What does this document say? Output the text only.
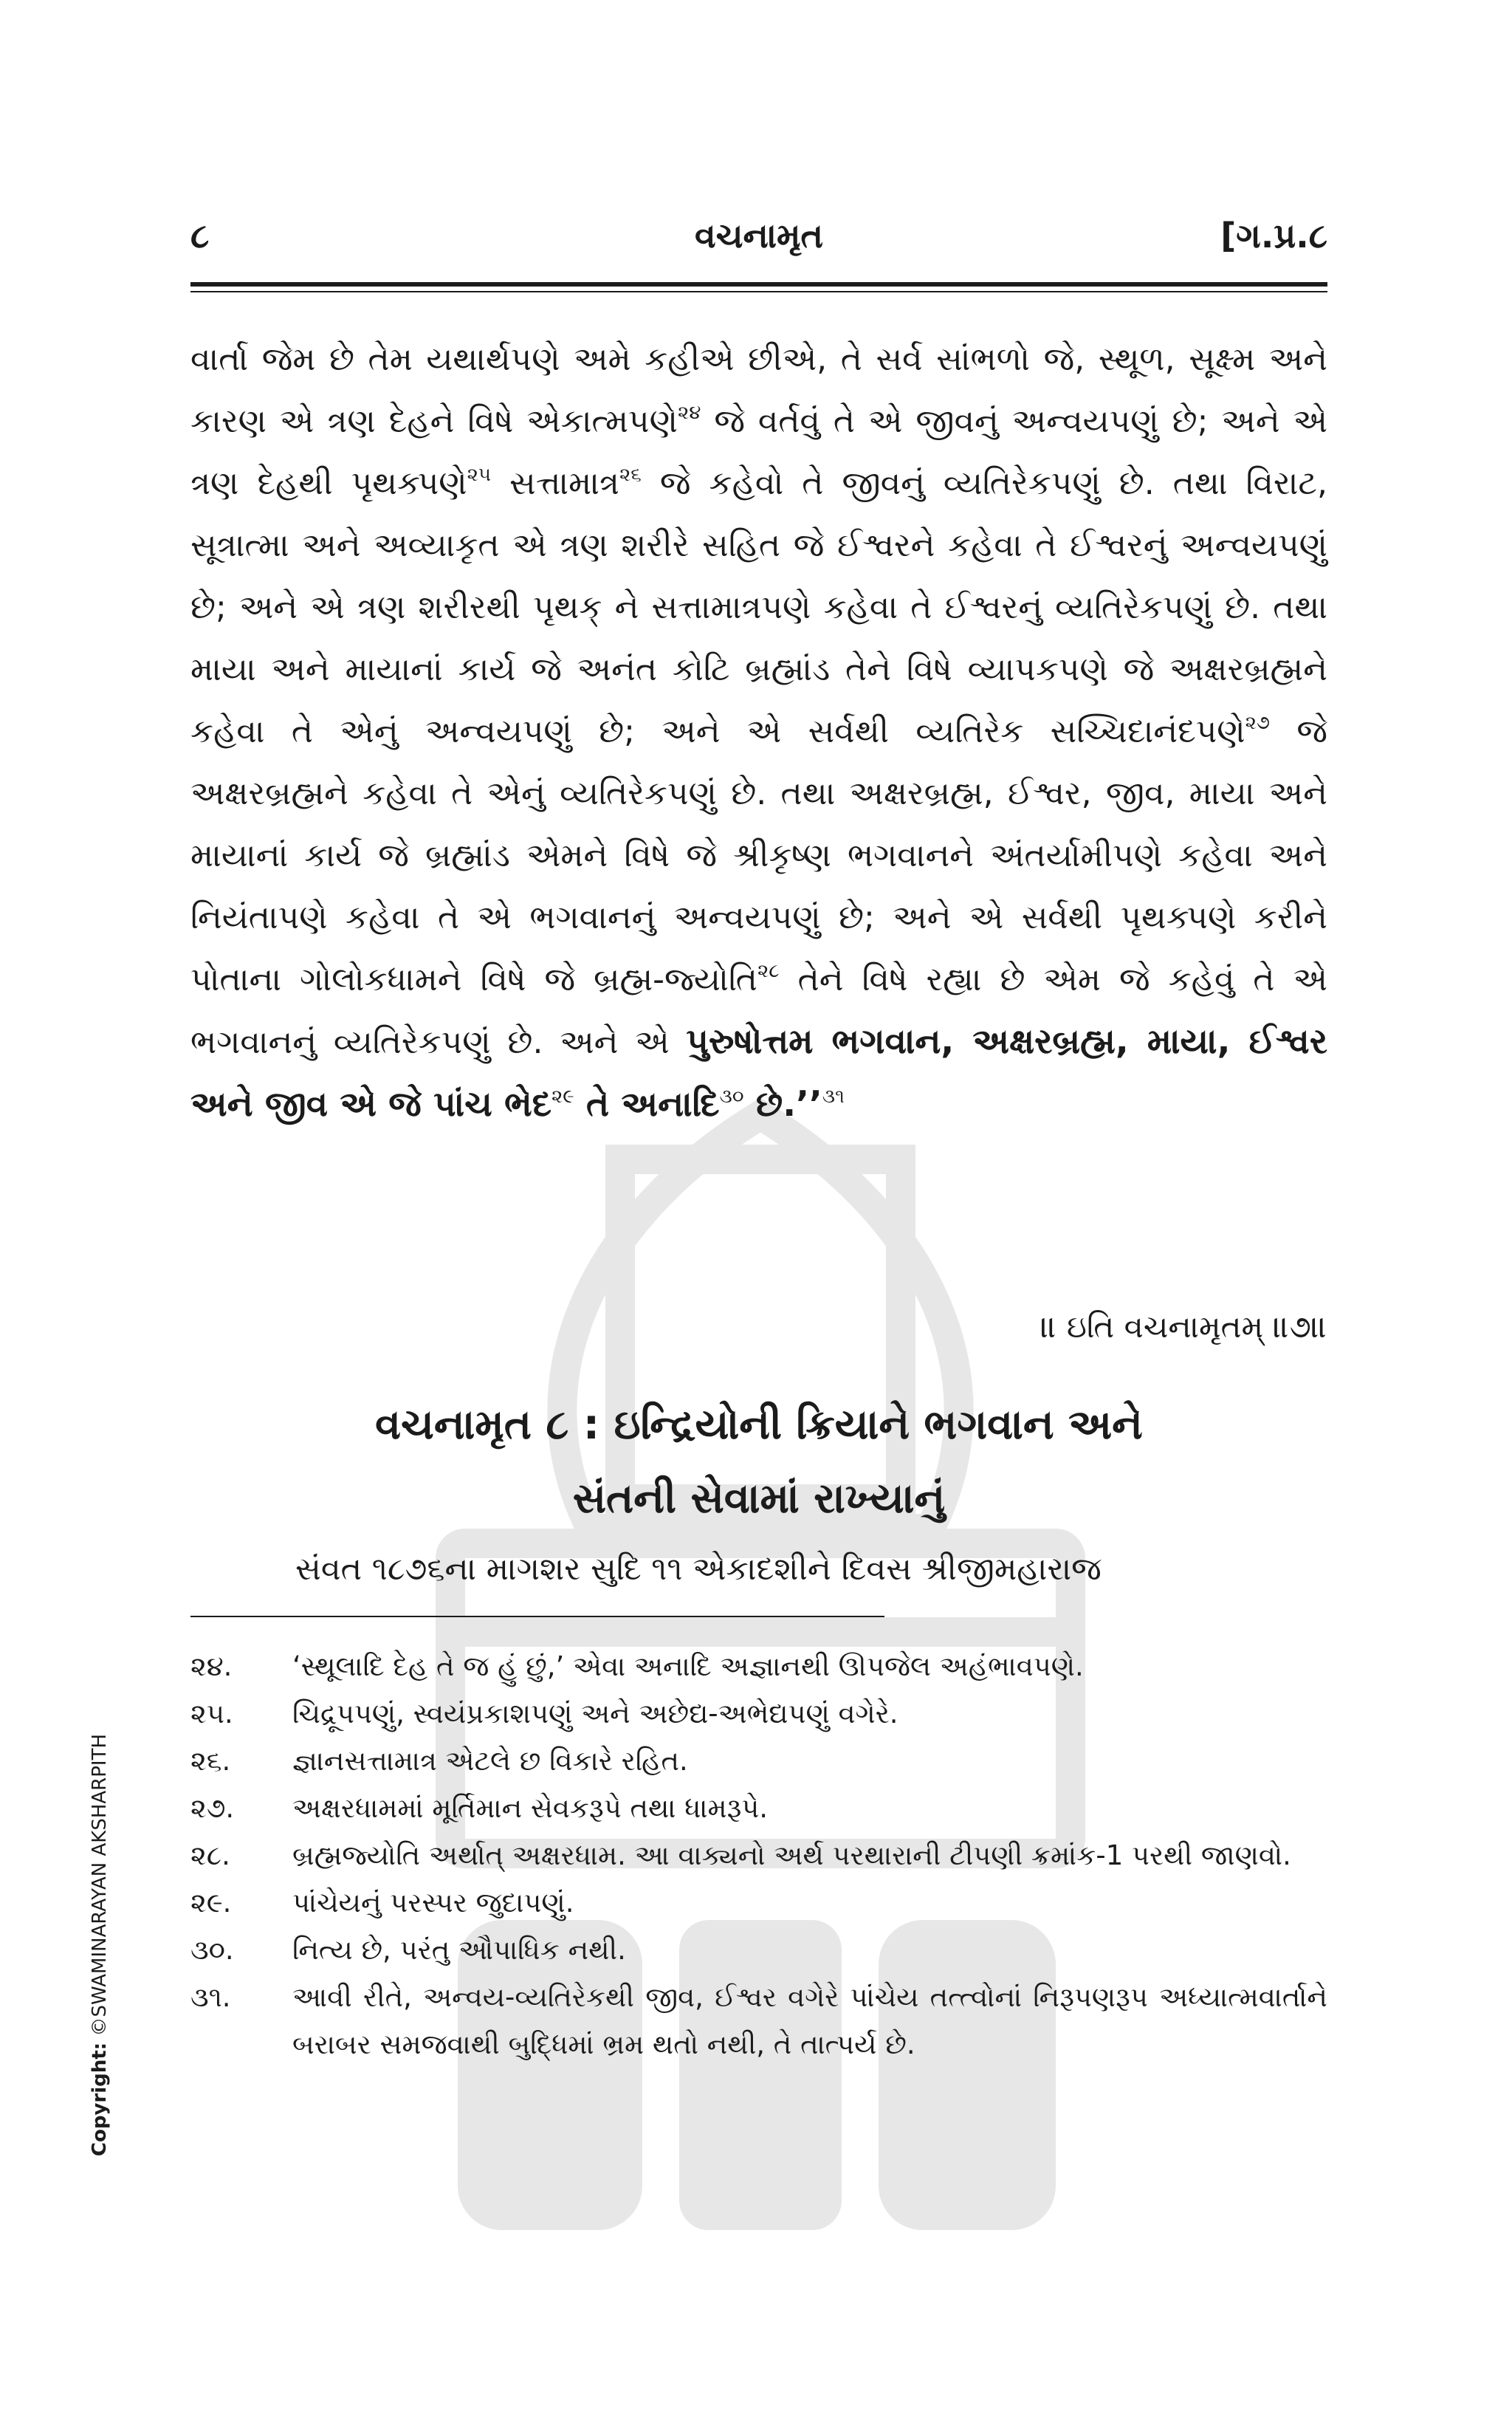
૮	વચનામૃત	[ગ.પ્ર.૮
વાર્તા જેમ છે તેમ યથાર્થપણે અમે કહીએ છીએ, તે સર્વ સાંભળો જે, સ્થૂળ, સૂક્ષ્મ અને કારણ એ ત્રણ દેહને વિષે એકાત્મપણે$^{૨૪}$ જે વર્તવું તે એ જીવનું અન્વયપણું છે; અને એ ત્રણ દેહથી પૃથક્પણે$^{૨૫}$ સત્તામાત્ર$^{૨૬}$ જે કહેવો તે જીવનું વ્યતિરેકપણું છે. તથા વિરાટ, સૂત્રાત્મા અને અવ્યાકૃત એ ત્રણ શરીરે સહિત જે ઈશ્વરને કહેવા તે ઈશ્વરનું અન્વયપણું છે; અને એ ત્રણ શરીરથી પૃથક્ ને સત્તામાત્રપણે કહેવા તે ઈશ્વરનું વ્યતિરેકપણું છે. તથા માયા અને માયાનાં કાર્ય જે અનંત કોટિ બ્રહ્માંડ તેને વિષે વ્યાપકપણે જે અક્ષરબ્રહ્મને કહેવા તે એનું અન્વયપણું છે; અને એ સર્વથી વ્યતિરેક સચ્ચિદાનંદપણે$^{૨૭}$ જે અક્ષરબ્રહ્મને કહેવા તે એનું વ્યતિરેકપણું છે. તથા અક્ષરબ્રહ્મ, ઈશ્વર, જીવ, માયા અને માયાનાં કાર્ય જે બ્રહ્માંડ એમને વિષે જે શ્રીકૃષ્ણ ભગવાનને અંતર્યામીપણે કહેવા અને નિયંતાપણે કહેવા તે એ ભગવાનનું અન્વયપણું છે; અને એ સર્વથી પૃથક્પણે કરીને પોતાના ગોલોકધામને વિષે જે બ્રહ્મ-જ્યોતિ$^{૨૮}$ તેને વિષે રહ્યા છે એમ જે કહેવું તે એ ભગવાનનું વ્યતિરેકપણું છે. અને એ પુરુષોત્તમ ભગવાન, અક્ષરબ્રહ્મ, માયા, ઈશ્વર અને જીવ એ જે પાંચ ભેદ$^{૨૯}$ તે અનાદિ$^{૩૦}$ છે.’’$^{૩૧}$
॥ ઇતિ વચનામૃતમ્ ॥૭॥
વચનામૃત ૮ : ઇન્દ્રિયોની ક્રિયાને ભગવાન અને
સંતની સેવામાં રાખ્યાનું
સંવત ૧૮૭૬ના માગશર સુદિ ૧૧ એકાદશીને દિવસ શ્રીજીમહારાજ
૨૪. ‘સ્થૂલાદિ દેહ તે જ હું છું,’ એવા અનાદિ અજ્ઞાનથી ઊપજેલ અહંભાવપણે.
૨૫. ચિદ્રૂપપણું, સ્વયંપ્રકાશપણું અને અછેદ્ય-અભેદ્યપણું વગેરે.
૨૬. જ્ઞાનસત્તામાત્ર એટલે છ વિકારે રહિત.
૨૭. અક્ષરધામમાં મૂર્તિમાન સેવકરૂપે તથા ધામરૂપે.
૨૮. બ્રહ્મજ્યોતિ અર્થાત્ અક્ષરધામ. આ વાક્યનો અર્થ પરથારાની ટીપણી ક્રમાંક-1 પરથી જાણવો.
૨૯. પાંચેયનું પરસ્પર જુદાપણું.
૩૦. નિત્ય છે, પરંતુ ઔપાધિક નથી.
૩૧. આવી રીતે, અન્વય-વ્યતિરેકથી જીવ, ઈશ્વર વગેરે પાંચેય તત્ત્વોનાં નિરૂપણરૂપ અધ્યાત્મવાર્તાને બરાબર સમજવાથી બુદ્ધિમાં ભ્રમ થતો નથી, તે તાત્પર્ય છે.
Copyright: ©SWAMINARAYAN AKSHARPITH
